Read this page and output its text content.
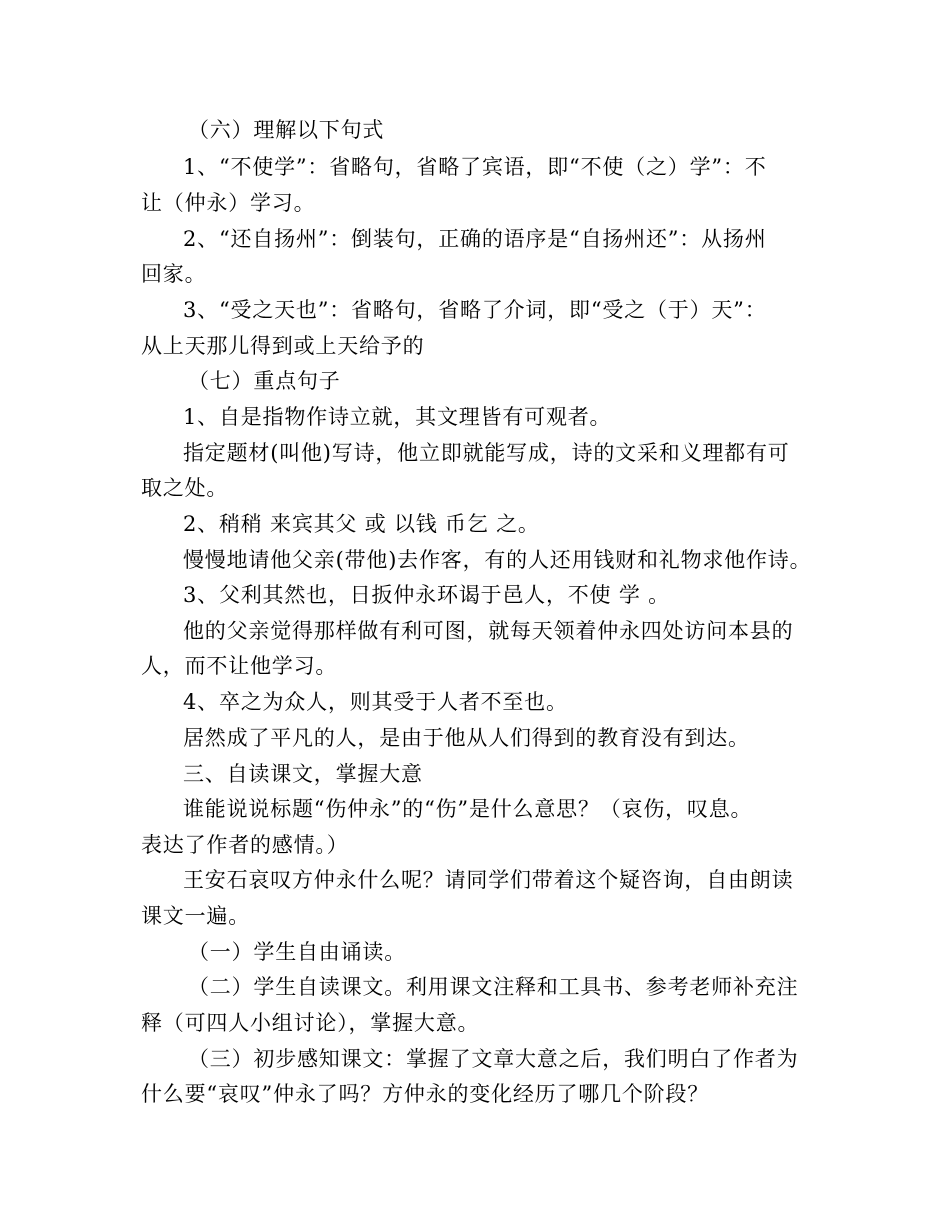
（六）理解以下句式
1、“不使学”：省略句，省略了宾语，即“不使（之）学”：不
让（仲永）学习。
2、“还自扬州”：倒装句，正确的语序是“自扬州还”：从扬州
回家。
3、“受之天也”：省略句，省略了介词，即“受之（于）天”：
从上天那儿得到或上天给予的
（七）重点句子
1、自是指物作诗立就，其文理皆有可观者。
指定题材(叫他)写诗，他立即就能写成，诗的文采和义理都有可
取之处。
2、稍稍 来宾其父 或 以钱 币乞 之。
慢慢地请他父亲(带他)去作客，有的人还用钱财和礼物求他作诗。
3、父利其然也，日扳仲永环谒于邑人，不使 学 。
他的父亲觉得那样做有利可图，就每天领着仲永四处访问本县的
人，而不让他学习。
4、卒之为众人，则其受于人者不至也。
居然成了平凡的人，是由于他从人们得到的教育没有到达。
三、自读课文，掌握大意
谁能说说标题“伤仲永”的“伤”是什么意思？（哀伤，叹息。
表达了作者的感情。）
王安石哀叹方仲永什么呢？请同学们带着这个疑咨询，自由朗读
课文一遍。
（一）学生自由诵读。
（二）学生自读课文。利用课文注释和工具书、参考老师补充注
释（可四人小组讨论），掌握大意。
（三）初步感知课文：掌握了文章大意之后，我们明白了作者为
什么要“哀叹”仲永了吗？方仲永的变化经历了哪几个阶段？
